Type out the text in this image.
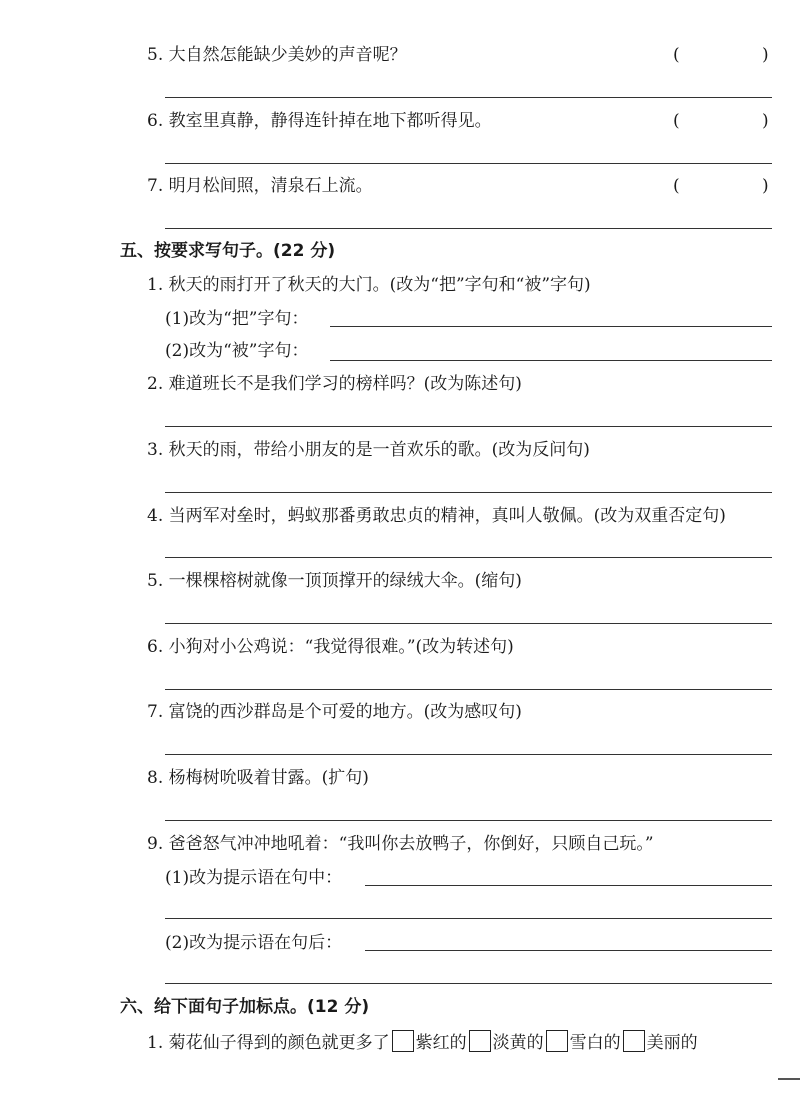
5. 大自然怎能缺少美妙的声音呢？	(	)
6. 教室里真静，静得连针掉在地下都听得见。	(	)
7. 明月松间照，清泉石上流。	(	)
五、按要求写句子。(22 分)
1. 秋天的雨打开了秋天的大门。(改为“把”字句和“被”字句)
(1)改为“把”字句：
(2)改为“被”字句：
2. 难道班长不是我们学习的榜样吗？(改为陈述句)
3. 秋天的雨，带给小朋友的是一首欢乐的歌。(改为反问句)
4. 当两军对垒时，蚂蚁那番勇敢忠贞的精神，真叫人敬佩。(改为双重否定句)
5. 一棵棵榕树就像一顶顶撑开的绿绒大伞。(缩句)
6. 小狗对小公鸡说：“我觉得很难。”(改为转述句)
7. 富饶的西沙群岛是个可爱的地方。(改为感叹句)
8. 杨梅树吮吸着甘露。(扩句)
9. 爸爸怒气冲冲地吼着：“我叫你去放鸭子，你倒好，只顾自己玩。”
(1)改为提示语在句中：
(2)改为提示语在句后：
六、给下面句子加标点。(12 分)
1. 菊花仙子得到的颜色就更多了 紫红的 淡黄的 雪白的 美丽的
